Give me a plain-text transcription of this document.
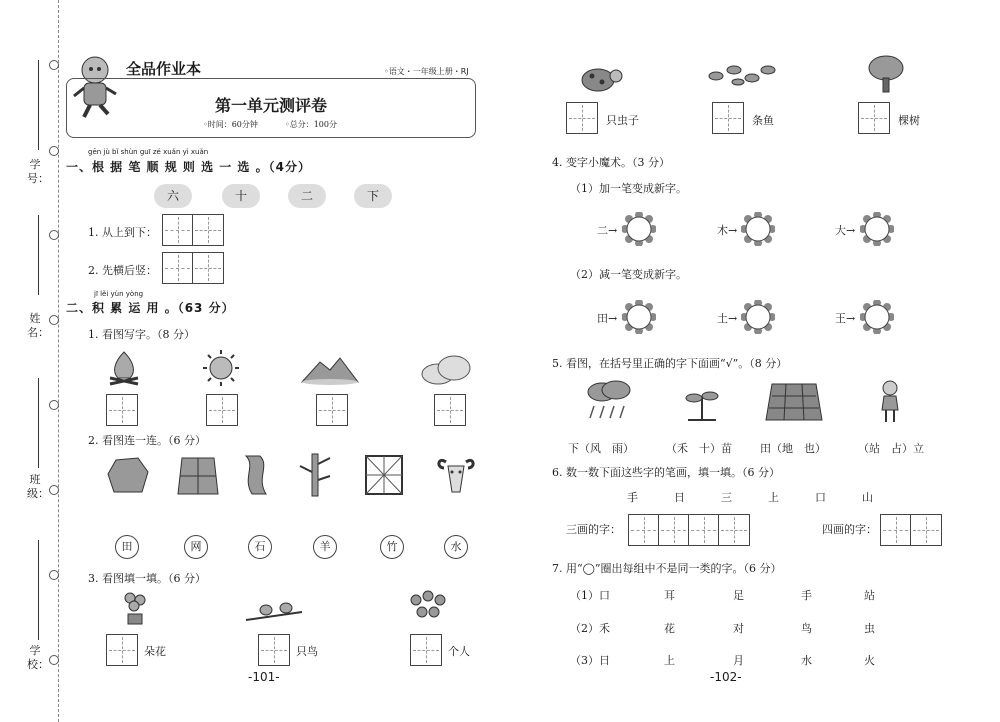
学号：
姓名：
班级：
学校：
全品作业本	◦语文・一年级上册・RJ
第一单元测评卷
◦时间：60分钟	◦总分：100分
gēn jù bǐ shùn guī zé xuǎn yì xuǎn
一、根 据 笔 顺 规 则 选 一 选 。（4分）
六	十	二	下
1. 从上到下：
2. 先横后竖：
jī lěi yùn yòng
二、积 累 运 用 。（63 分）
1. 看图写字。（8 分）
2. 看图连一连。（6 分）
田	网	石	羊	竹	水
3. 看图填一填。（6 分）
朵花	只鸟	个人
-101-
只虫子	条鱼	棵树
4. 变字小魔术。（3 分）
（1）加一笔变成新字。
二→	木→	大→
（2）减一笔变成新字。
田→	土→	王→
5. 看图，在括号里正确的字下面画“√”。（8 分）
下（风　雨）	（禾　十）苗	田（地　也）	（站　占）立
6. 数一数下面这些字的笔画，填一填。（6 分）
手	日	三	上	口	山
三画的字：	四画的字：
7. 用“◯”圈出每组中不是同一类的字。（6 分）
（1）口	耳	足	手	站
（2）禾	花	对	鸟	虫
（3）日	上	月	水	火
-102-
